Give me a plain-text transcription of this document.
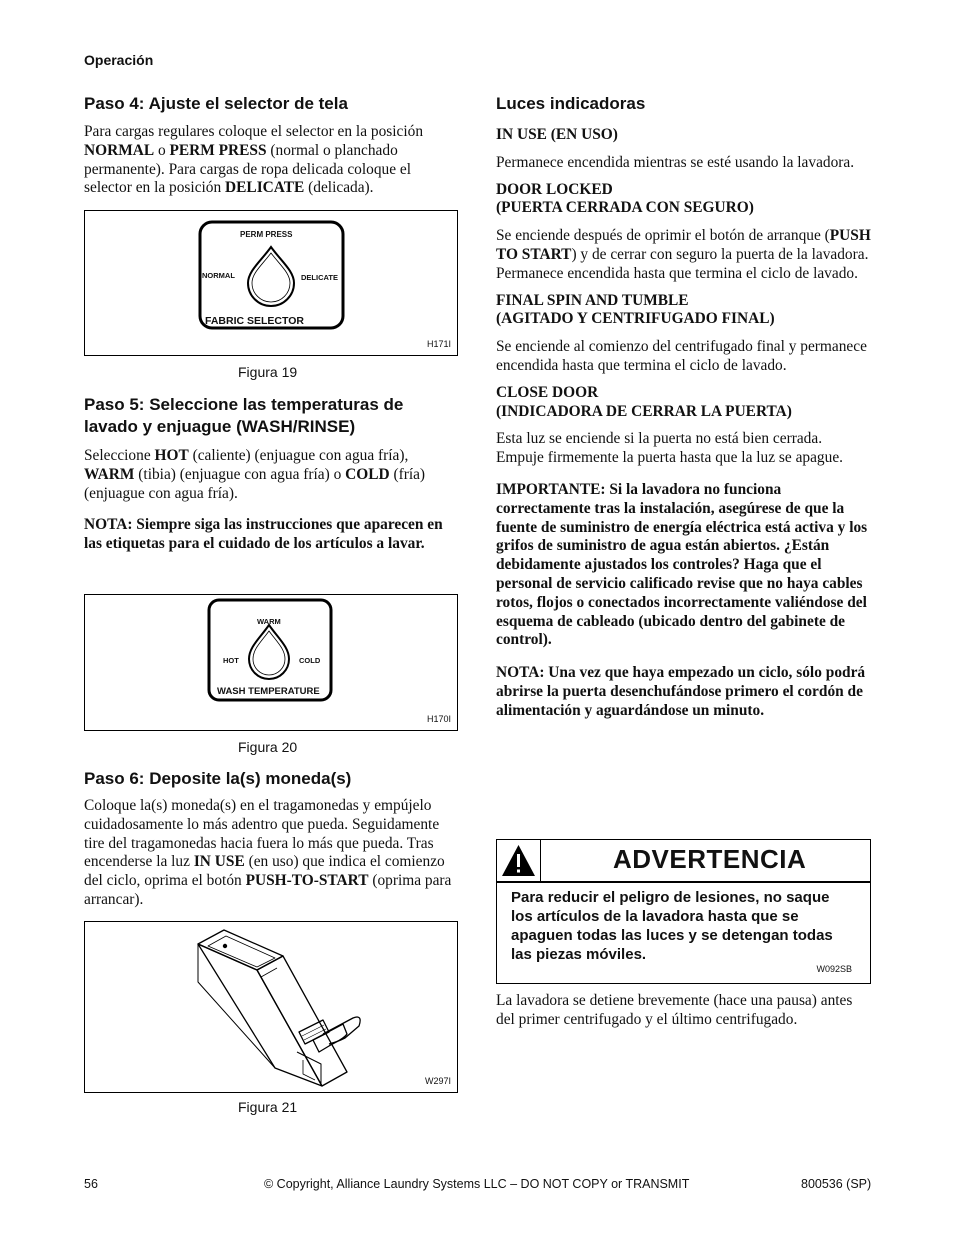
Operación
Paso 4: Ajuste el selector de tela

Para cargas regulares coloque el selector en la posición NORMAL o PERM PRESS (normal o planchado permanente). Para cargas de ropa delicada coloque el selector en la posición DELICATE (delicada).

PERM PRESS
NORMAL	DELICATE
FABRIC SELECTOR
H171I
Figura 19
Paso 5: Seleccione las temperaturas de
lavado y enjuague (WASH/RINSE)

Seleccione HOT (caliente) (enjuague con agua fría), WARM (tibia) (enjuague con agua fría) o COLD (fría) (enjuague con agua fría).

NOTA: Siempre siga las instrucciones que aparecen en las etiquetas para el cuidado de los artículos a lavar.

WARM
HOT	COLD
WASH TEMPERATURE
H170I
Figura 20
Paso 6: Deposite la(s) moneda(s)

Coloque la(s) moneda(s) en el tragamonedas y empújelo cuidadosamente lo más adentro que pueda. Seguidamente tire del tragamonedas hacia fuera lo más que pueda. Tras encenderse la luz IN USE (en uso) que indica el comienzo del ciclo, oprima el botón PUSH-TO-START (oprima para arrancar).

W297I
Figura 21
Luces indicadoras

IN USE (EN USO)

Permanece encendida mientras se esté usando la lavadora.

DOOR LOCKED
(PUERTA CERRADA CON SEGURO)

Se enciende después de oprimir el botón de arranque (PUSH TO START) y de cerrar con seguro la puerta de la lavadora. Permanece encendida hasta que termina el ciclo de lavado.

FINAL SPIN AND TUMBLE
(AGITADO Y CENTRIFUGADO FINAL)

Se enciende al comienzo del centrifugado final y permanece encendida hasta que termina el ciclo de lavado.

CLOSE DOOR
(INDICADORA DE CERRAR LA PUERTA)

Esta luz se enciende si la puerta no está bien cerrada. Empuje firmemente la puerta hasta que la luz se apague.

IMPORTANTE: Si la lavadora no funciona correctamente tras la instalación, asegúrese de que la fuente de suministro de energía eléctrica está activa y los grifos de suministro de agua están abiertos. ¿Están debidamente ajustados los controles? Haga que el personal de servicio calificado revise que no haya cables rotos, flojos o conectados incorrectamente valiéndose del esquema de cableado (ubicado dentro del gabinete de control).

NOTA: Una vez que haya empezado un ciclo, sólo podrá abrirse la puerta desenchufándose primero el cordón de alimentación y aguardándose un minuto.

ADVERTENCIA
Para reducir el peligro de lesiones, no saque los artículos de la lavadora hasta que se apaguen todas las luces y se detengan todas las piezas móviles.
W092SB

La lavadora se detiene brevemente (hace una pausa) antes del primer centrifugado y el último centrifugado.

56	© Copyright, Alliance Laundry Systems LLC – DO NOT COPY or TRANSMIT	800536 (SP)
